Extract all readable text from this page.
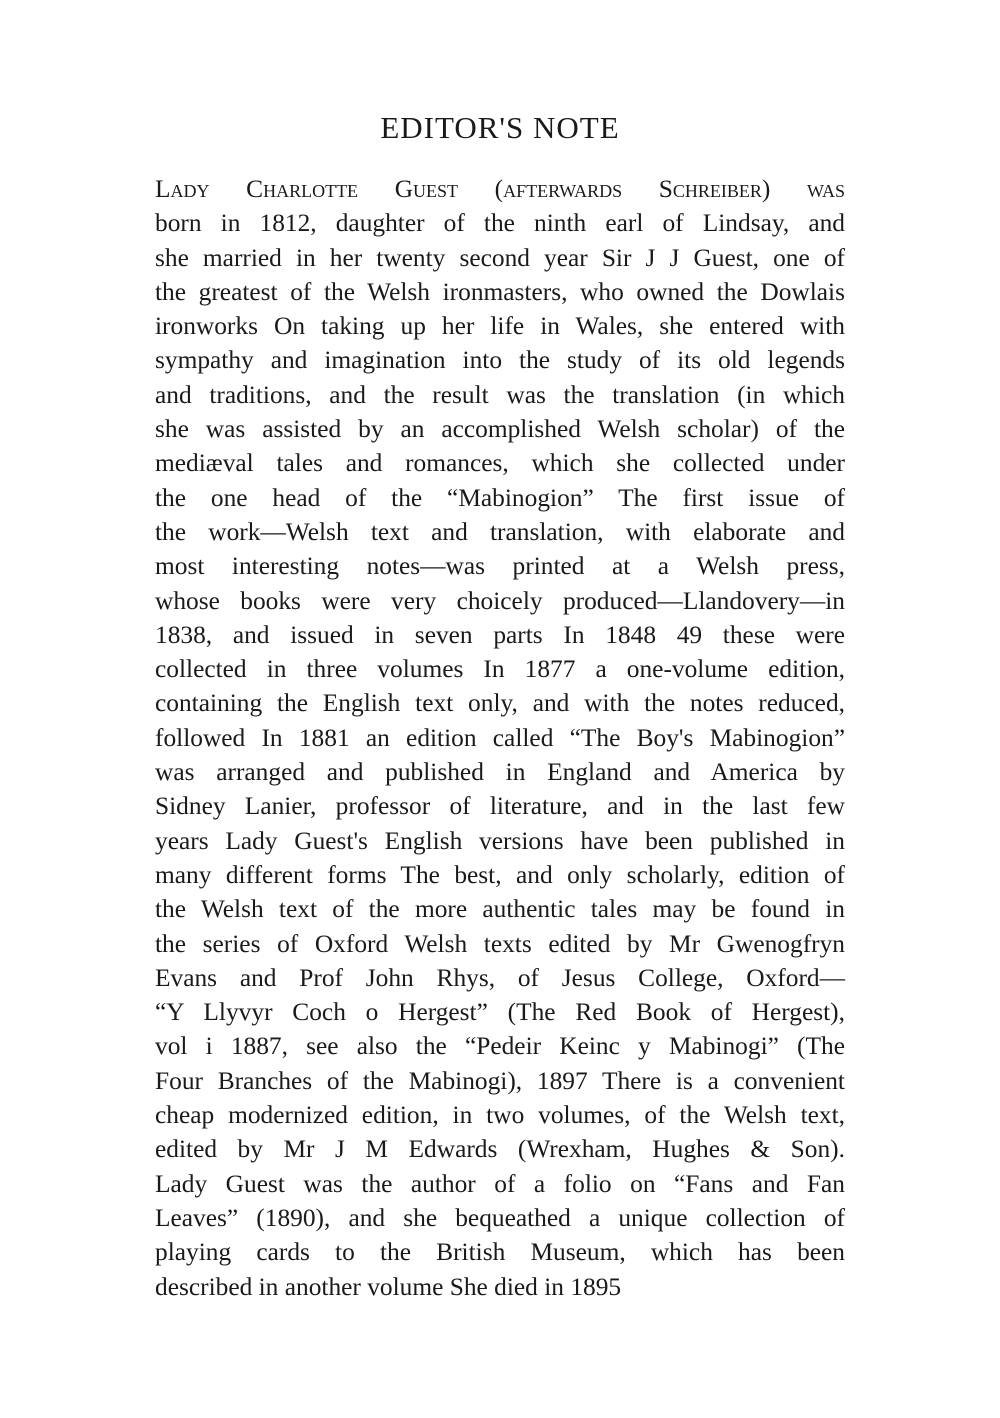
EDITOR'S NOTE
Lady Charlotte Guest (afterwards Schreiber) was
born in 1812, daughter of the ninth earl of Lindsay, and
she married in her twenty second year Sir J J Guest, one of
the greatest of the Welsh ironmasters, who owned the Dowlais
ironworks On taking up her life in Wales, she entered with
sympathy and imagination into the study of its old legends
and traditions, and the result was the translation (in which
she was assisted by an accomplished Welsh scholar) of the
mediæval tales and romances, which she collected under
the one head of the “Mabinogion” The first issue of
the work—Welsh text and translation, with elaborate and
most interesting notes—was printed at a Welsh press,
whose books were very choicely produced—Llandovery—in
1838, and issued in seven parts In 1848 49 these were
collected in three volumes In 1877 a one-volume edition,
containing the English text only, and with the notes reduced,
followed In 1881 an edition called “The Boy's Mabinogion”
was arranged and published in England and America by
Sidney Lanier, professor of literature, and in the last few
years Lady Guest's English versions have been published in
many different forms The best, and only scholarly, edition of
the Welsh text of the more authentic tales may be found in
the series of Oxford Welsh texts edited by Mr Gwenogfryn
Evans and Prof John Rhys, of Jesus College, Oxford—
“Y Llyvyr Coch o Hergest” (The Red Book of Hergest),
vol i 1887, see also the “Pedeir Keinc y Mabinogi” (The
Four Branches of the Mabinogi), 1897 There is a convenient
cheap modernized edition, in two volumes, of the Welsh text,
edited by Mr J M Edwards (Wrexham, Hughes & Son).
Lady Guest was the author of a folio on “Fans and Fan
Leaves” (1890), and she bequeathed a unique collection of
playing cards to the British Museum, which has been
described in another volume She died in 1895
